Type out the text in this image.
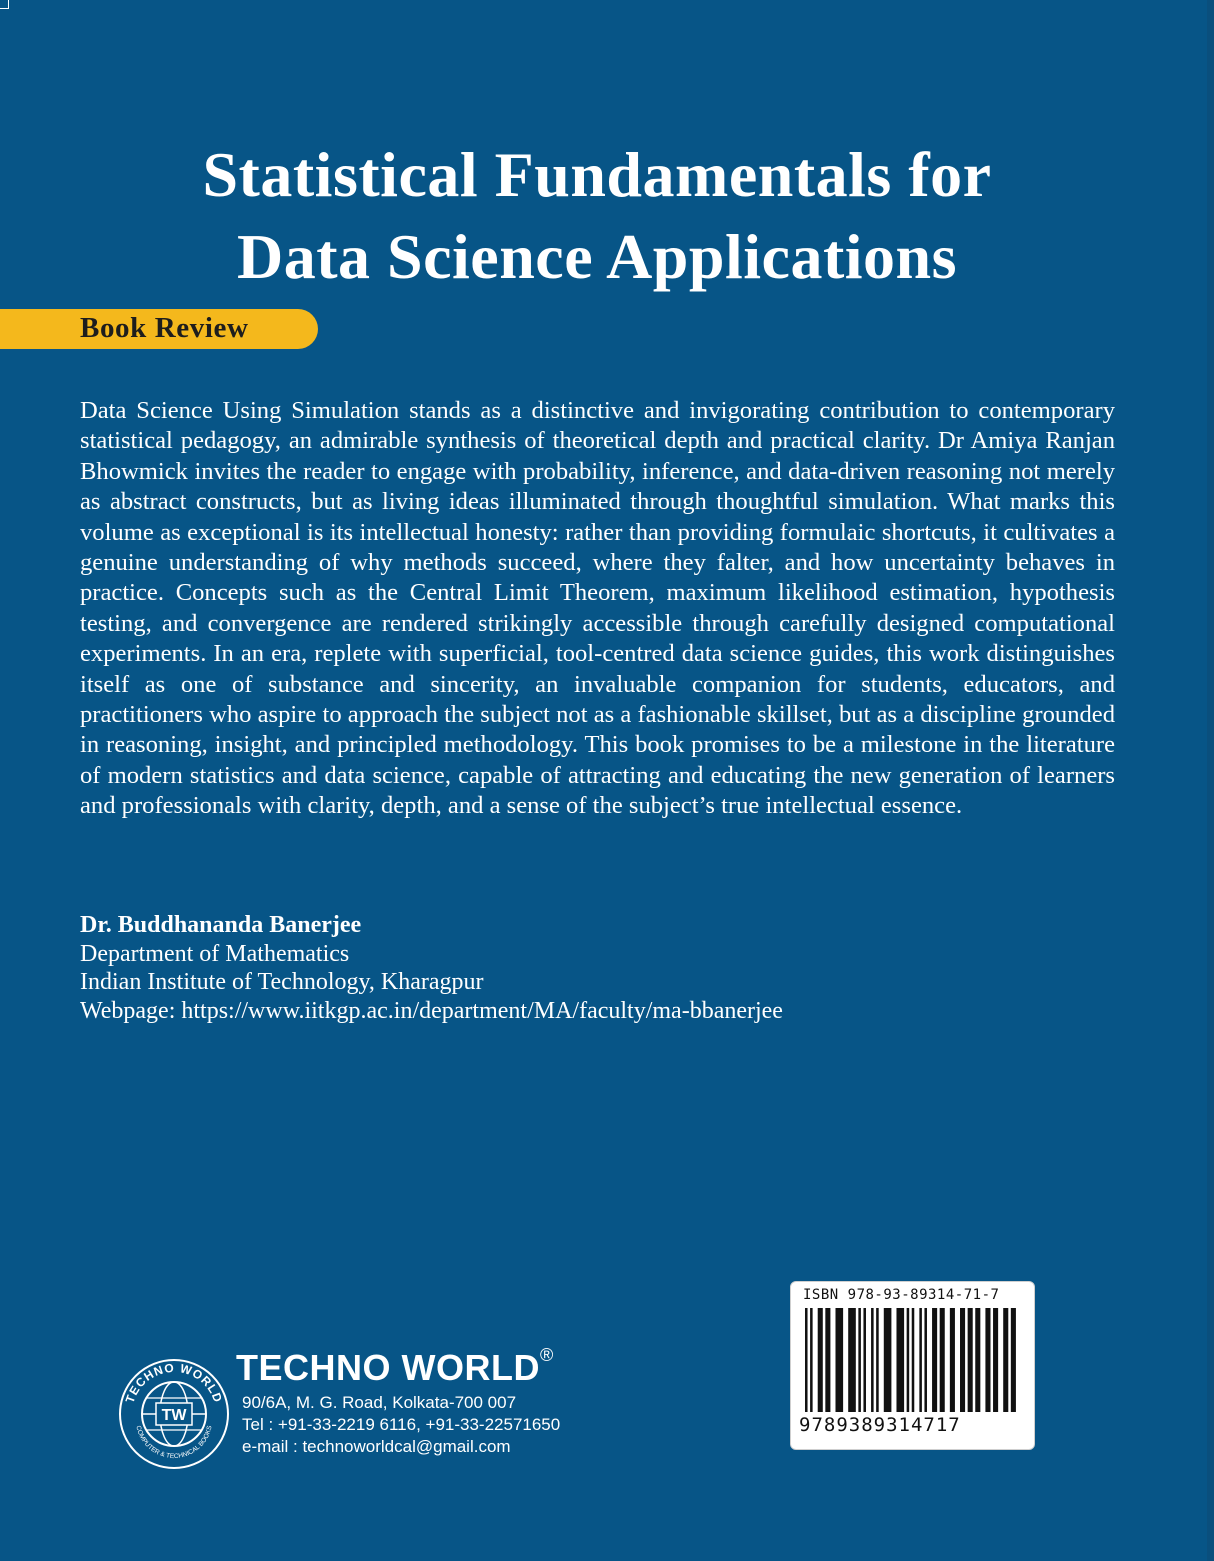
Statistical Fundamentals for
Data Science Applications
Book Review
Data Science Using Simulation stands as a distinctive and invigorating contribution to contemporary statistical pedagogy, an admirable synthesis of theoretical depth and practical clarity. Dr Amiya Ranjan Bhowmick invites the reader to engage with probability, inference, and data-driven reasoning not merely as abstract constructs, but as living ideas illuminated through thoughtful simulation. What marks this volume as exceptional is its intellectual honesty: rather than providing formulaic shortcuts, it cultivates a genuine understanding of why methods succeed, where they falter, and how uncertainty behaves in practice. Concepts such as the Central Limit Theorem, maximum likelihood estimation, hypothesis testing, and convergence are rendered strikingly accessible through carefully designed computational experiments. In an era, replete with superficial, tool-centred data science guides, this work distinguishes itself as one of substance and sincerity, an invaluable companion for students, educators, and practitioners who aspire to approach the subject not as a fashionable skillset, but as a discipline grounded in reasoning, insight, and principled methodology. This book promises to be a milestone in the literature of modern statistics and data science, capable of attracting and educating the new generation of learners and professionals with clarity, depth, and a sense of the subject’s true intellectual essence.
Dr. Buddhananda Banerjee
Department of Mathematics
Indian Institute of Technology, Kharagpur
Webpage: https://www.iitkgp.ac.in/department/MA/faculty/ma-bbanerjee
TW
TECHNO WORLD
COMPUTER & TECHNICAL BOOKS
TECHNO WORLD®
90/6A, M. G. Road, Kolkata-700 007
Tel : +91-33-2219 6116, +91-33-22571650
e-mail : technoworldcal@gmail.com
ISBN 978-93-89314-71-7
9789389314717
